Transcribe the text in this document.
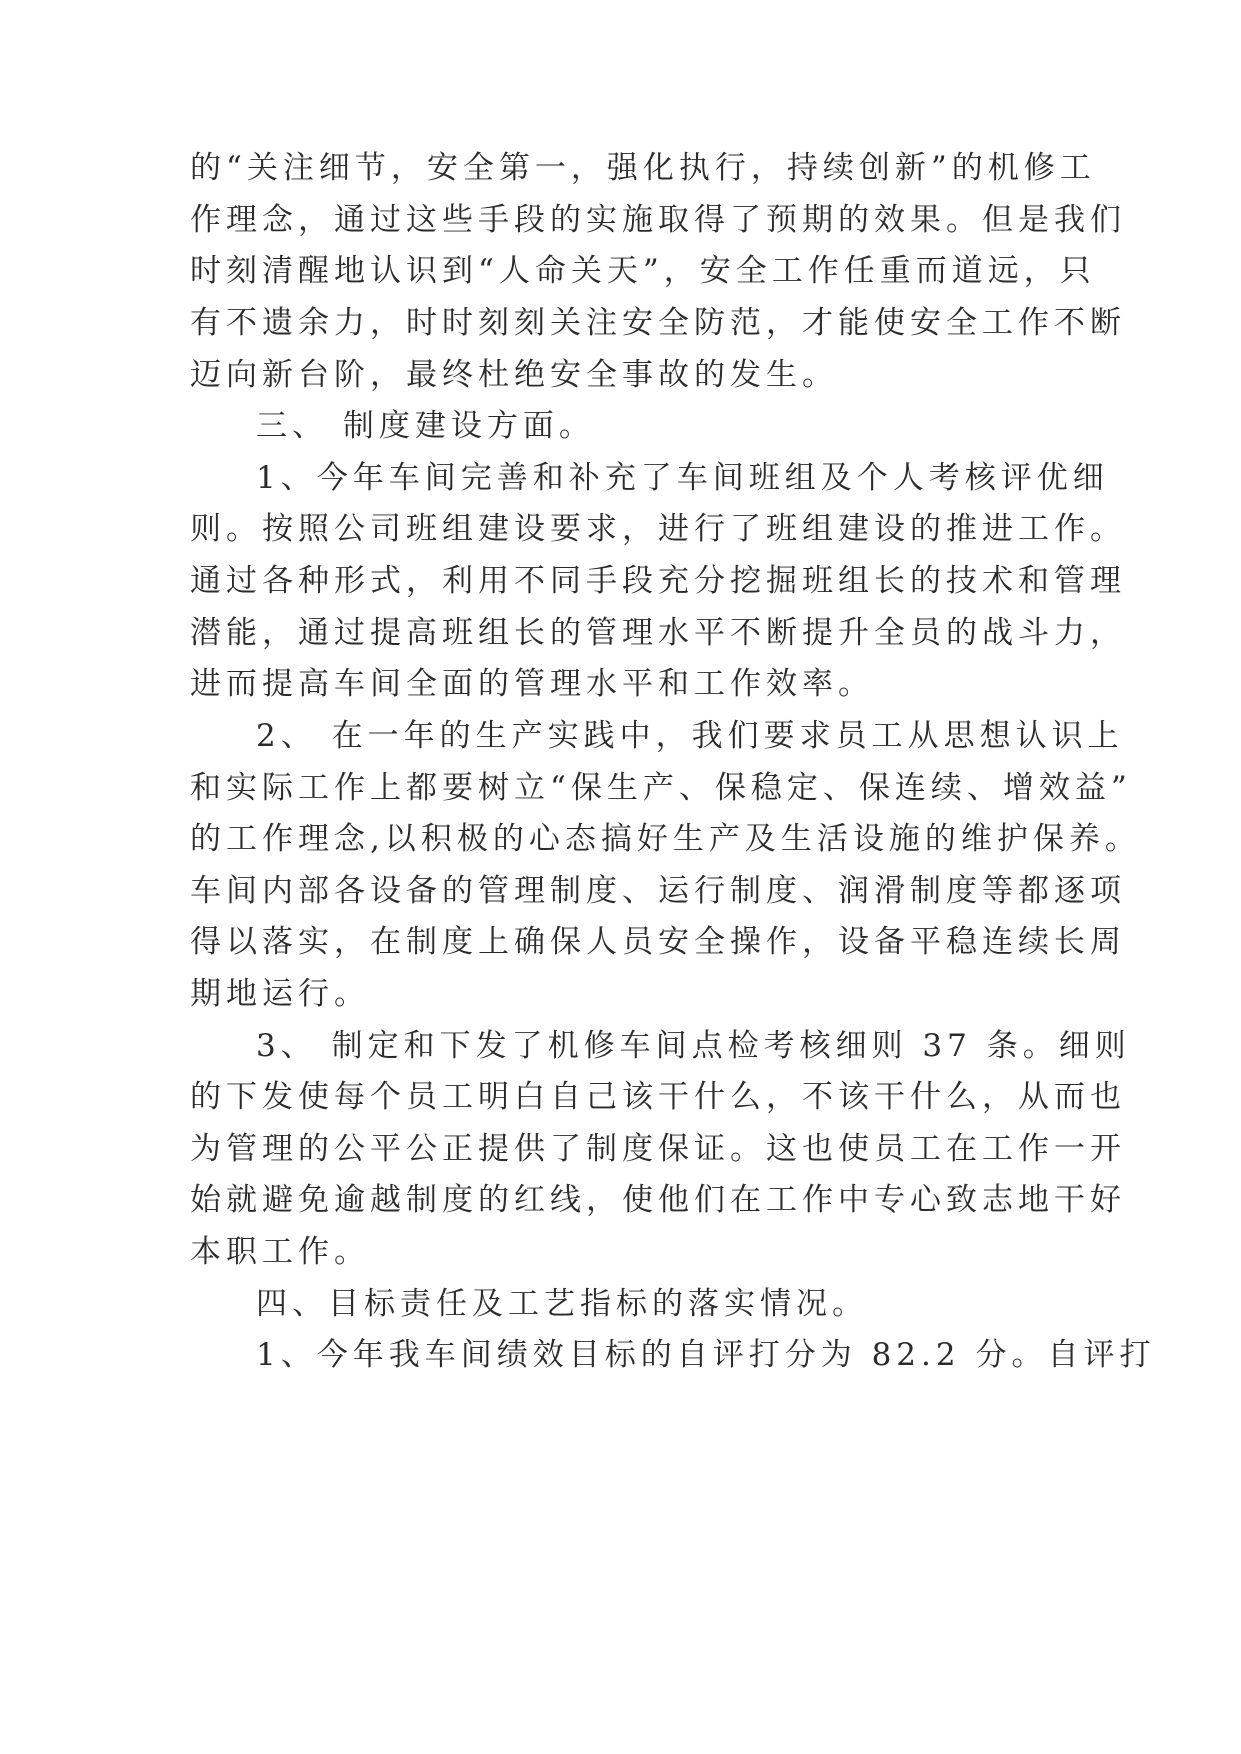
的“关注细节，安全第一，强化执行，持续创新”的机修工
作理念，通过这些手段的实施取得了预期的效果。但是我们
时刻清醒地认识到“人命关天”，安全工作任重而道远，只
有不遗余力，时时刻刻关注安全防范，才能使安全工作不断
迈向新台阶，最终杜绝安全事故的发生。
三、 制度建设方面。
1、今年车间完善和补充了车间班组及个人考核评优细
则。按照公司班组建设要求，进行了班组建设的推进工作。
通过各种形式，利用不同手段充分挖掘班组长的技术和管理
潜能，通过提高班组长的管理水平不断提升全员的战斗力，
进而提高车间全面的管理水平和工作效率。
2、 在一年的生产实践中，我们要求员工从思想认识上
和实际工作上都要树立“保生产、保稳定、保连续、增效益”
的工作理念,以积极的心态搞好生产及生活设施的维护保养。
车间内部各设备的管理制度、运行制度、润滑制度等都逐项
得以落实，在制度上确保人员安全操作，设备平稳连续长周
期地运行。
3、 制定和下发了机修车间点检考核细则 37 条。细则
的下发使每个员工明白自己该干什么，不该干什么，从而也
为管理的公平公正提供了制度保证。这也使员工在工作一开
始就避免逾越制度的红线，使他们在工作中专心致志地干好
本职工作。
四、目标责任及工艺指标的落实情况。
1、今年我车间绩效目标的自评打分为 82.2 分。自评打
